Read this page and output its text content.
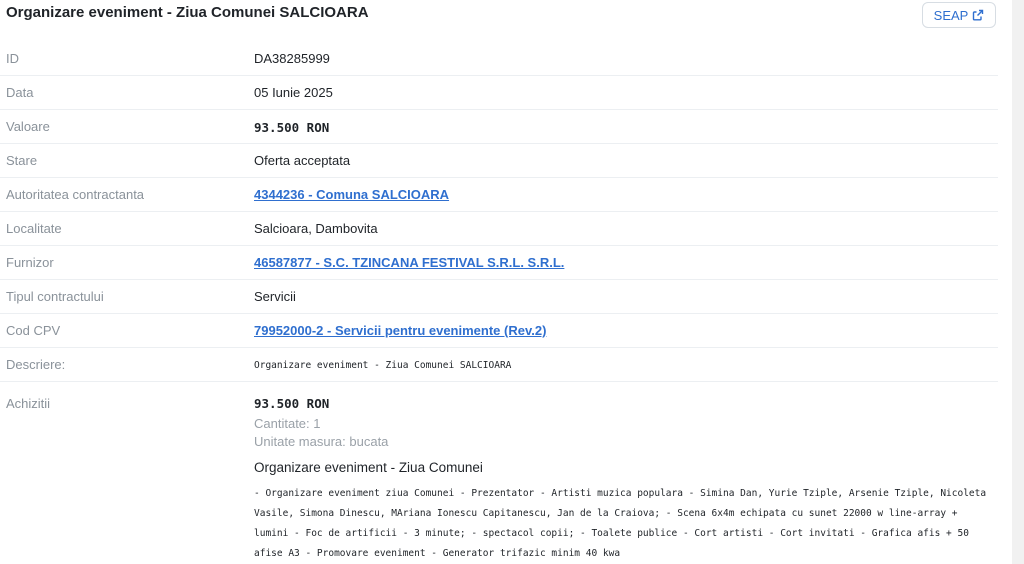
Organizare eveniment - Ziua Comunei SALCIOARA	SEAP
ID	DA38285999
Data	05 Iunie 2025
Valoare	93.500 RON
Stare	Oferta acceptata
Autoritatea contractanta	4344236 - Comuna SALCIOARA
Localitate	Salcioara, Dambovita
Furnizor	46587877 - S.C. TZINCANA FESTIVAL S.R.L. S.R.L.
Tipul contractului	Servicii
Cod CPV	79952000-2 - Servicii pentru evenimente (Rev.2)
Descriere:	Organizare eveniment - Ziua Comunei SALCIOARA
Achizitii	93.500 RON
Cantitate: 1
Unitate masura: bucata
Organizare eveniment - Ziua Comunei
- Organizare eveniment ziua Comunei - Prezentator - Artisti muzica populara - Simina Dan, Yurie Tziple, Arsenie Tziple, Nicoleta Vasile, Simona Dinescu, MAriana Ionescu Capitanescu, Jan de la Craiova; - Scena 6x4m echipata cu sunet 22000 w line-array + lumini - Foc de artificii - 3 minute; - spectacol copii; - Toalete publice - Cort artisti - Cort invitati - Grafica afis + 50 afise A3 - Promovare eveniment - Generator trifazic minim 40 kwa
